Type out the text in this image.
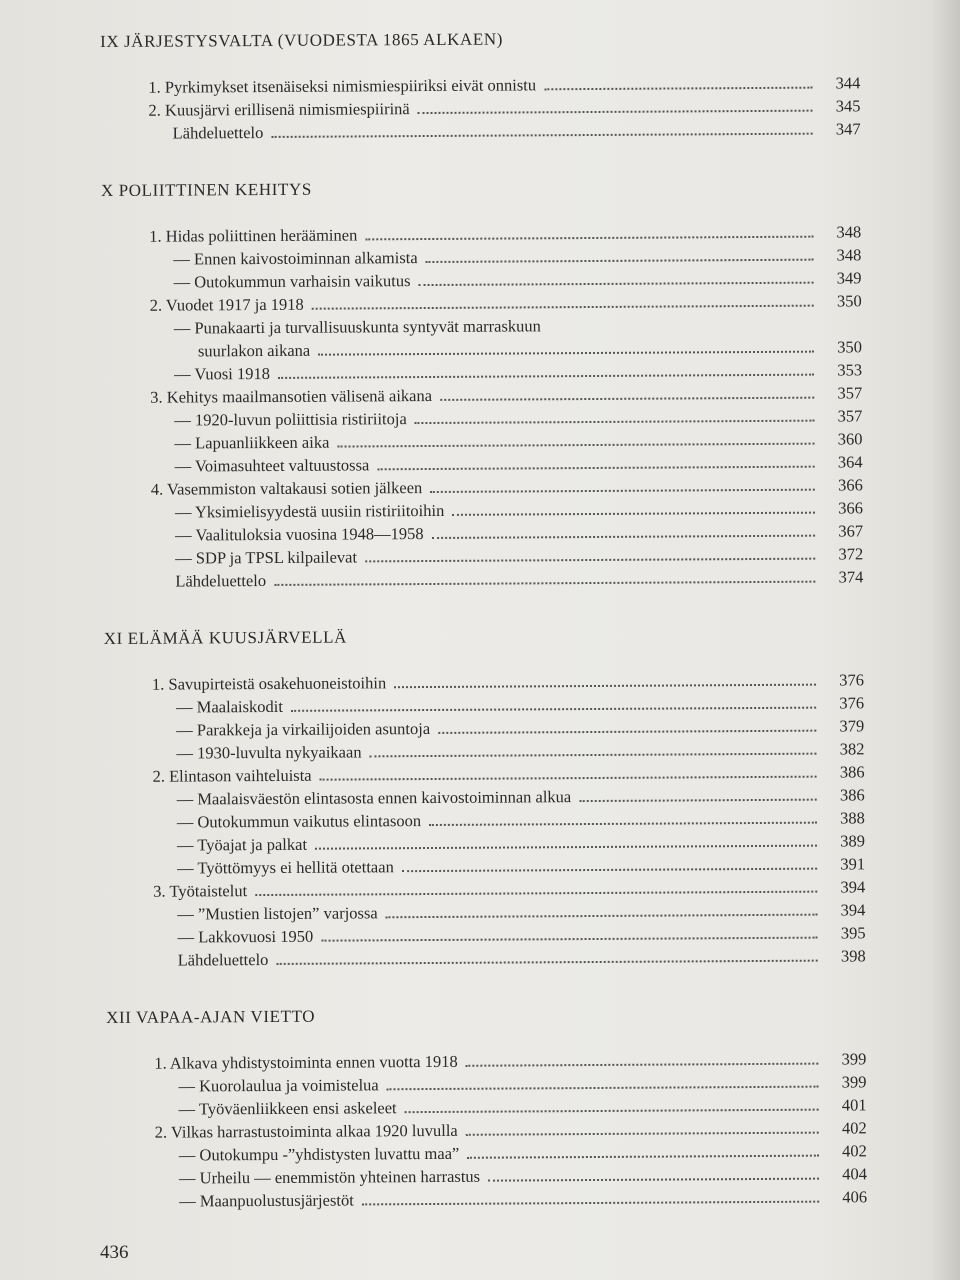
IX JÄRJESTYSVALTA (VUODESTA 1865 ALKAEN)
1. Pyrkimykset itsenäiseksi nimismiespiiriksi eivät onnistu	344
2. Kuusjärvi erillisenä nimismiespiirinä	345
Lähdeluettelo	347
X POLIITTINEN KEHITYS
1. Hidas poliittinen herääminen	348
— Ennen kaivostoiminnan alkamista	348
— Outokummun varhaisin vaikutus	349
2. Vuodet 1917 ja 1918	350
— Punakaarti ja turvallisuuskunta syntyvät marraskuun
suurlakon aikana	350
— Vuosi 1918	353
3. Kehitys maailmansotien välisenä aikana	357
— 1920-luvun poliittisia ristiriitoja	357
— Lapuanliikkeen aika	360
— Voimasuhteet valtuustossa	364
4. Vasemmiston valtakausi sotien jälkeen	366
— Yksimielisyydestä uusiin ristiriitoihin	366
— Vaalituloksia vuosina 1948—1958	367
— SDP ja TPSL kilpailevat	372
Lähdeluettelo	374
XI ELÄMÄÄ KUUSJÄRVELLÄ
1. Savupirteistä osakehuoneistoihin	376
— Maalaiskodit	376
— Parakkeja ja virkailijoiden asuntoja	379
— 1930-luvulta nykyaikaan	382
2. Elintason vaihteluista	386
— Maalaisväestön elintasosta ennen kaivostoiminnan alkua	386
— Outokummun vaikutus elintasoon	388
— Työajat ja palkat	389
— Työttömyys ei hellitä otettaan	391
3. Työtaistelut	394
— ”Mustien listojen” varjossa	394
— Lakkovuosi 1950	395
Lähdeluettelo	398
XII VAPAA-AJAN VIETTO
1. Alkava yhdistystoiminta ennen vuotta 1918	399
— Kuorolaulua ja voimistelua	399
— Työväenliikkeen ensi askeleet	401
2. Vilkas harrastustoiminta alkaa 1920 luvulla	402
— Outokumpu -”yhdistysten luvattu maa”	402
— Urheilu — enemmistön yhteinen harrastus	404
— Maanpuolustusjärjestöt	406
436
